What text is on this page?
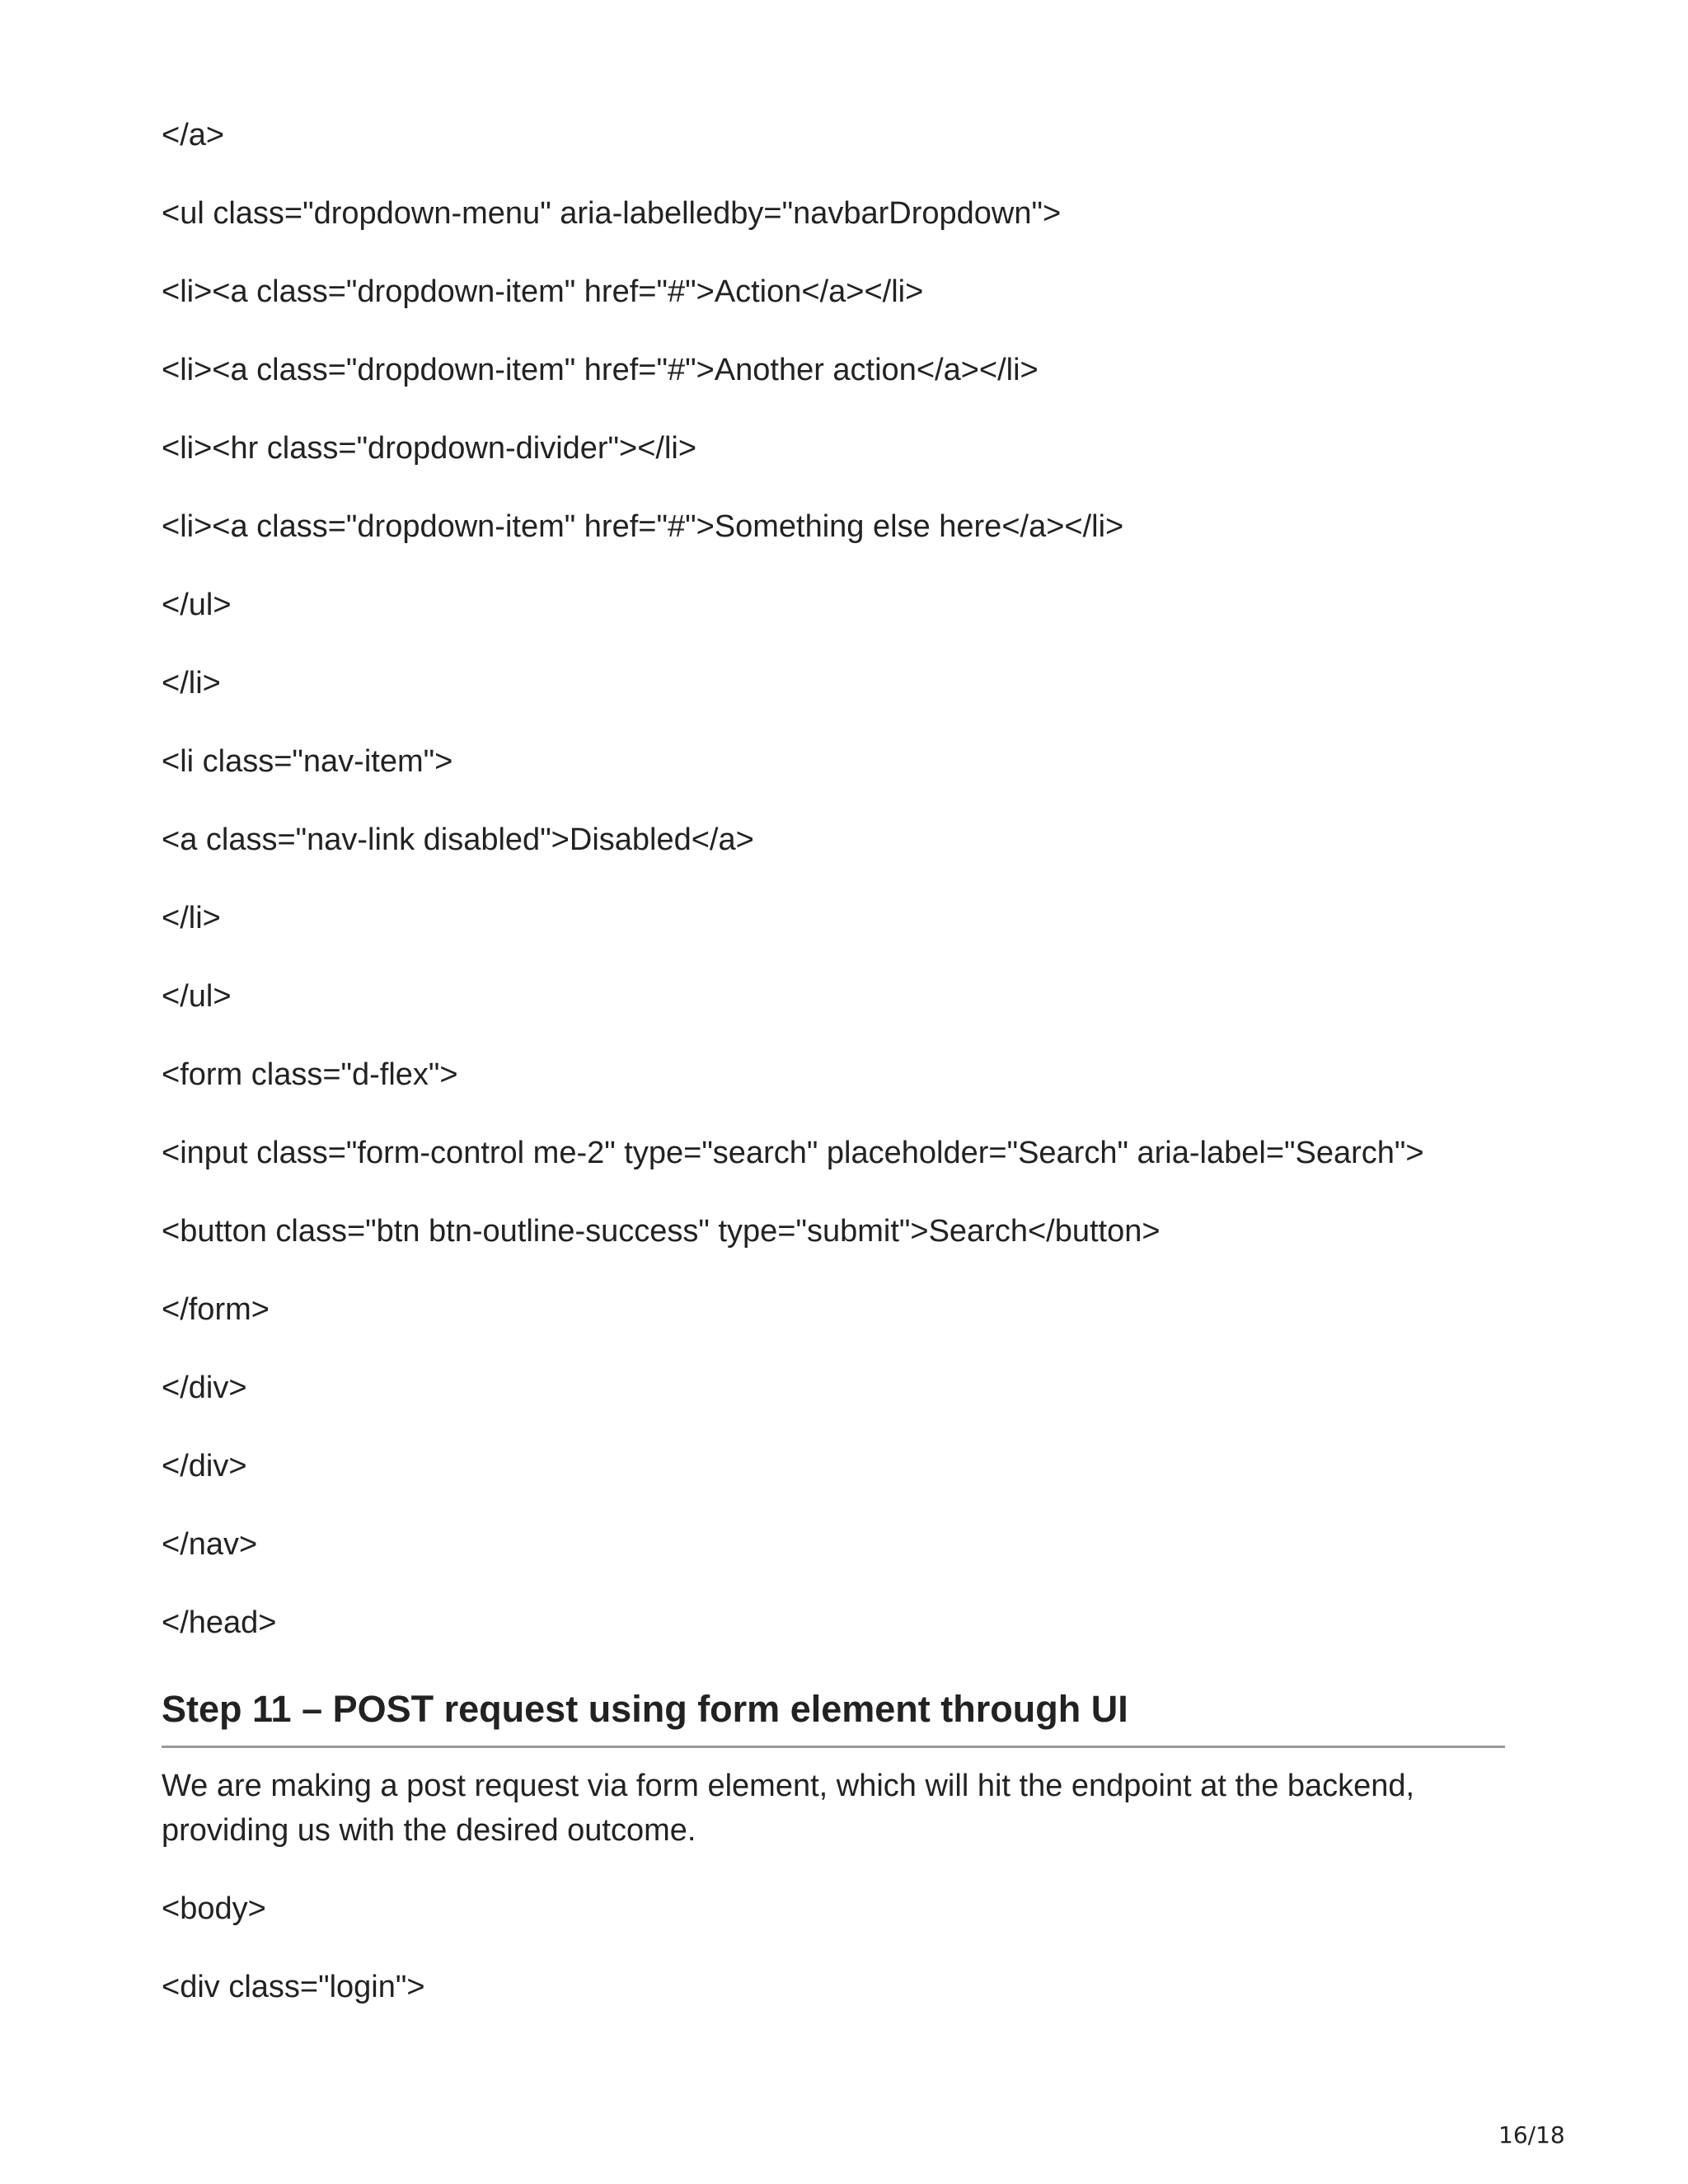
</a>
<ul class="dropdown-menu" aria-labelledby="navbarDropdown">
<li><a class="dropdown-item" href="#">Action</a></li>
<li><a class="dropdown-item" href="#">Another action</a></li>
<li><hr class="dropdown-divider"></li>
<li><a class="dropdown-item" href="#">Something else here</a></li>
</ul>
</li>
<li class="nav-item">
<a class="nav-link disabled">Disabled</a>
</li>
</ul>
<form class="d-flex">
<input class="form-control me-2" type="search" placeholder="Search" aria-label="Search">
<button class="btn btn-outline-success" type="submit">Search</button>
</form>
</div>
</div>
</nav>
</head>
Step 11 – POST request using form element through UI

We are making a post request via form element, which will hit the endpoint at the backend, providing us with the desired outcome.

<body>
<div class="login">
16/18
